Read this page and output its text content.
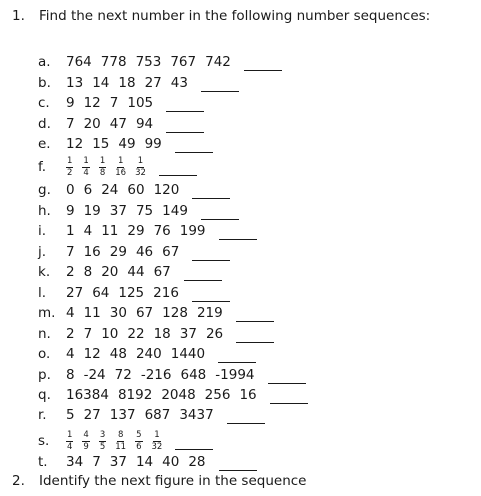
1. Find the next number in the following number sequences:
a.	764 778 753 767 742
b.	13 14 18 27 43
c.	9 12 7 105
d.	7 20 47 94
e.	12 15 49 99
f.	$\frac{1}{2} \frac{1}{4} \frac{1}{8} \frac{1}{16} \frac{1}{32}$
g.	0 6 24 60 120
h.	9 19 37 75 149
i.	1 4 11 29 76 199
j.	7 16 29 46 67
k.	2 8 20 44 67
l.	27 64 125 216
m. 4 11 30 67 128 219
n.	2 7 10 22 18 37 26
o.	4 12 48 240 1440
p.	8 -24 72 -216 648 -1994
q.	16384 8192 2048 256 16
r.	5 27 137 687 3437
s.	$\frac{1}{4} \frac{4}{9} \frac{3}{5} \frac{8}{11} \frac{5}{6} \frac{1}{32}$
t.	34 7 37 14 40 28
2. Identify the next figure in the sequence
